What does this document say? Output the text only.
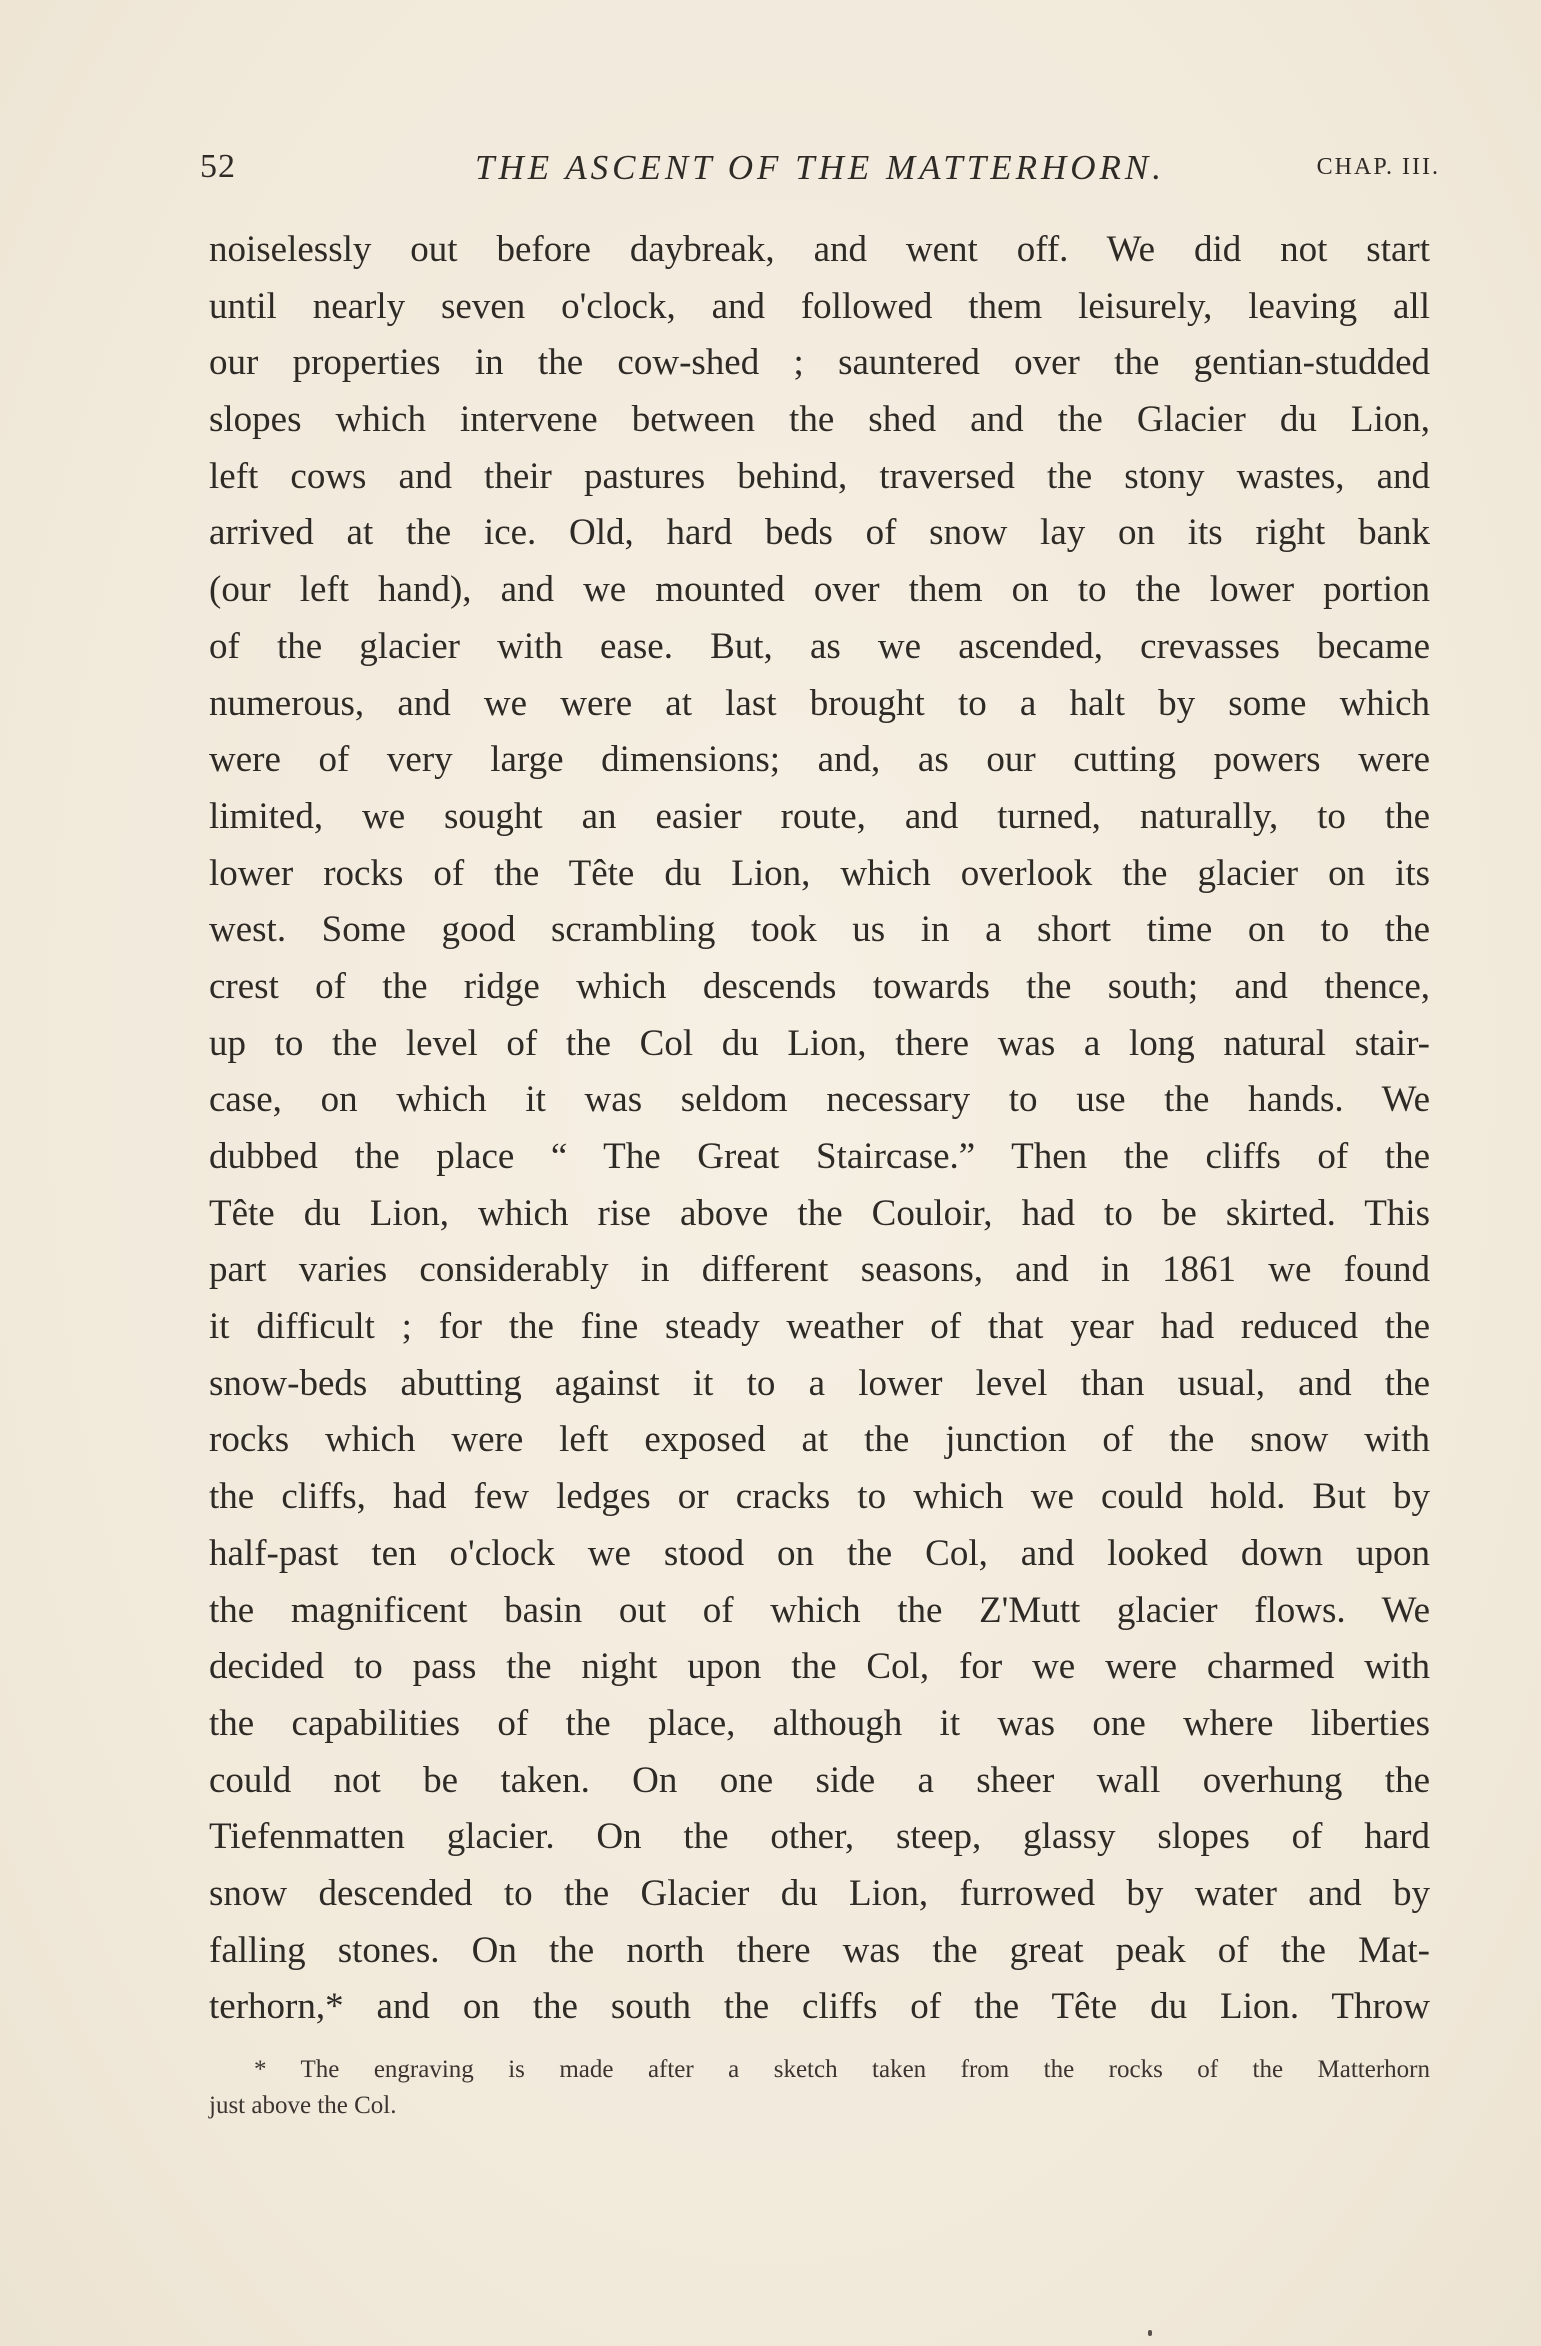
52	THE ASCENT OF THE MATTERHORN.	CHAP. III.
noiselessly out before daybreak, and went off. We did not start
until nearly seven o'clock, and followed them leisurely, leaving all
our properties in the cow-shed ; sauntered over the gentian-studded
slopes which intervene between the shed and the Glacier du Lion,
left cows and their pastures behind, traversed the stony wastes, and
arrived at the ice. Old, hard beds of snow lay on its right bank
(our left hand), and we mounted over them on to the lower portion
of the glacier with ease. But, as we ascended, crevasses became
numerous, and we were at last brought to a halt by some which
were of very large dimensions; and, as our cutting powers were
limited, we sought an easier route, and turned, naturally, to the
lower rocks of the Tête du Lion, which overlook the glacier on its
west. Some good scrambling took us in a short time on to the
crest of the ridge which descends towards the south; and thence,
up to the level of the Col du Lion, there was a long natural stair-
case, on which it was seldom necessary to use the hands. We
dubbed the place “ The Great Staircase.” Then the cliffs of the
Tête du Lion, which rise above the Couloir, had to be skirted. This
part varies considerably in different seasons, and in 1861 we found
it difficult ; for the fine steady weather of that year had reduced the
snow-beds abutting against it to a lower level than usual, and the
rocks which were left exposed at the junction of the snow with
the cliffs, had few ledges or cracks to which we could hold. But by
half-past ten o'clock we stood on the Col, and looked down upon
the magnificent basin out of which the Z'Mutt glacier flows. We
decided to pass the night upon the Col, for we were charmed with
the capabilities of the place, although it was one where liberties
could not be taken. On one side a sheer wall overhung the
Tiefenmatten glacier. On the other, steep, glassy slopes of hard
snow descended to the Glacier du Lion, furrowed by water and by
falling stones. On the north there was the great peak of the Mat-
terhorn,* and on the south the cliffs of the Tête du Lion. Throw
* The engraving is made after a sketch taken from the rocks of the Matterhorn
just above the Col.
